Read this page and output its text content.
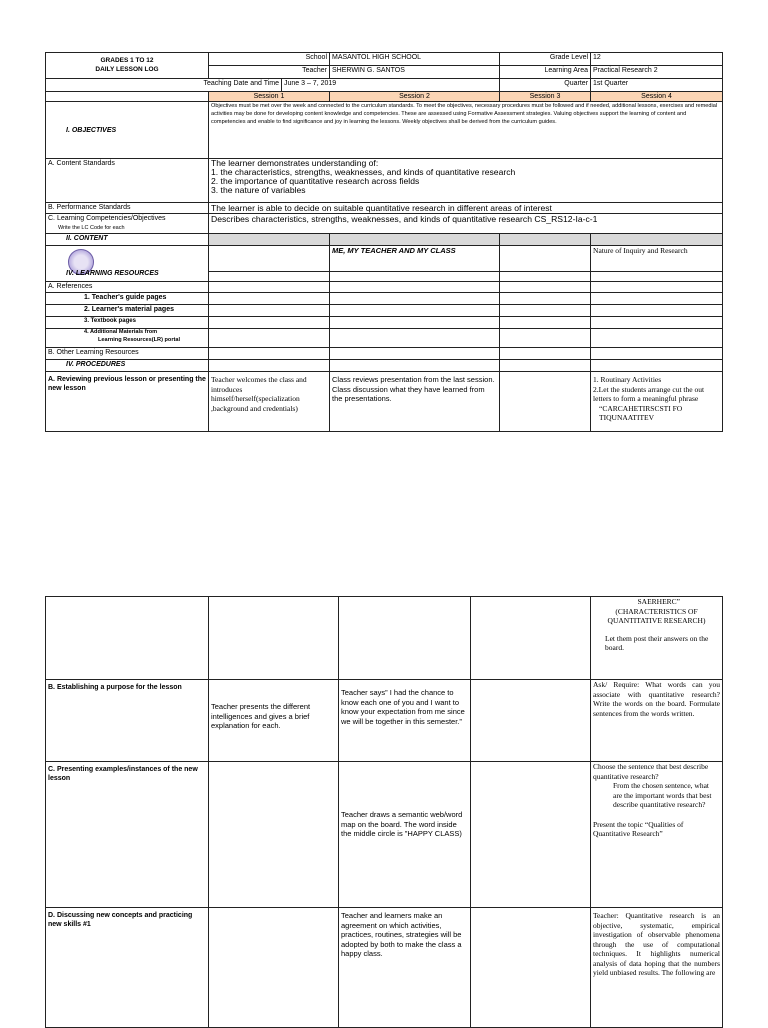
GRADES 1 TO 12
DAILY LESSON LOG	School		MASANTOL HIGH SCHOOL	Grade Level	12
	Teacher		SHERWIN G. SANTOS	Learning Area	Practical Research 2
Teaching Date and Time		June 3 – 7, 2019		Quarter	1st Quarter
	Session 1		Session 2	Session 3	Session 4
I. OBJECTIVES	Objectives must be met over the week and connected to the curriculum standards. To meet the objectives, necessary procedures must be followed and if needed, additional lessons, exercises and remedial activities may be done for developing content knowledge and competencies. These are assessed using Formative Assessment strategies. Valuing objectives support the learning of content and competencies and enable to find significance and joy in learning the lessons. Weekly objectives shall be derived from the curriculum guides.				
A. Content Standards	The learner demonstrates understanding of:
1. the characteristics, strengths, weaknesses, and kinds of quantitative research
2. the importance of quantitative research across fields
3. the nature of variables				
B. Performance Standards	The learner is able to decide on suitable quantitative research in different areas of interest				
C. Learning Competencies/Objectives
Write the LC Code for each	Describes characteristics, strengths, weaknesses, and kinds of quantitative research CS_RS12-Ia-c-1				
II. CONTENT					

IV. LEARNING RESOURCES			ME, MY TEACHER AND MY CLASS		Nature of Inquiry and Research

A. References					
1. Teacher's guide pages					
2. Learner's material pages					
3. Textbook pages					
4. Additional Materials from
Learning Resources(LR) portal					
B. Other Learning Resources					
IV. PROCEDURES					
A. Reviewing previous lesson or presenting the new lesson	Teacher welcomes the class and introduces himself/herself(specialization ,background and credentials)		Class reviews presentation from the last session. Class discussion what they have learned from the presentations.		1. Routinary Activities
2.Let the students arrange cut the out letters to form a meaningful phrase
“CARCAHETIRSCSTI FO TIQUNAATITEV

				SAERHERC”
(CHARACTERISTICS OF QUANTITATIVE RESEARCH)
Let them post their answers on the board.

B. Establishing a purpose for the lesson	Teacher presents the different intelligences and gives a brief explanation for each.	Teacher says” I had the chance to know each one of you and I want to know your expectation from me since we will be together in this semester.”		Ask/ Require: What words can you associate with quantitative research? Write the words on the board. Formulate sentences from the words written.
C. Presenting examples/instances of the new lesson		Teacher draws a semantic web/word map on the board. The word inside the middle circle is "HAPPY CLASS)		Choose the sentence that best describe quantitative research?
From the chosen sentence, what are the important words that best describe quantitative research?
Present the topic “Qualities of Quantitative Research”

D. Discussing new concepts and practicing new skills #1		Teacher and learners make an agreement on which activities, practices, routines, strategies will be adopted by both to make the class a happy class.		Teacher: Quantitative research is an objective, systematic, empirical investigation of observable phenomena through the use of computational techniques. It highlights numerical analysis of data hoping that the numbers yield unbiased results. The following are
